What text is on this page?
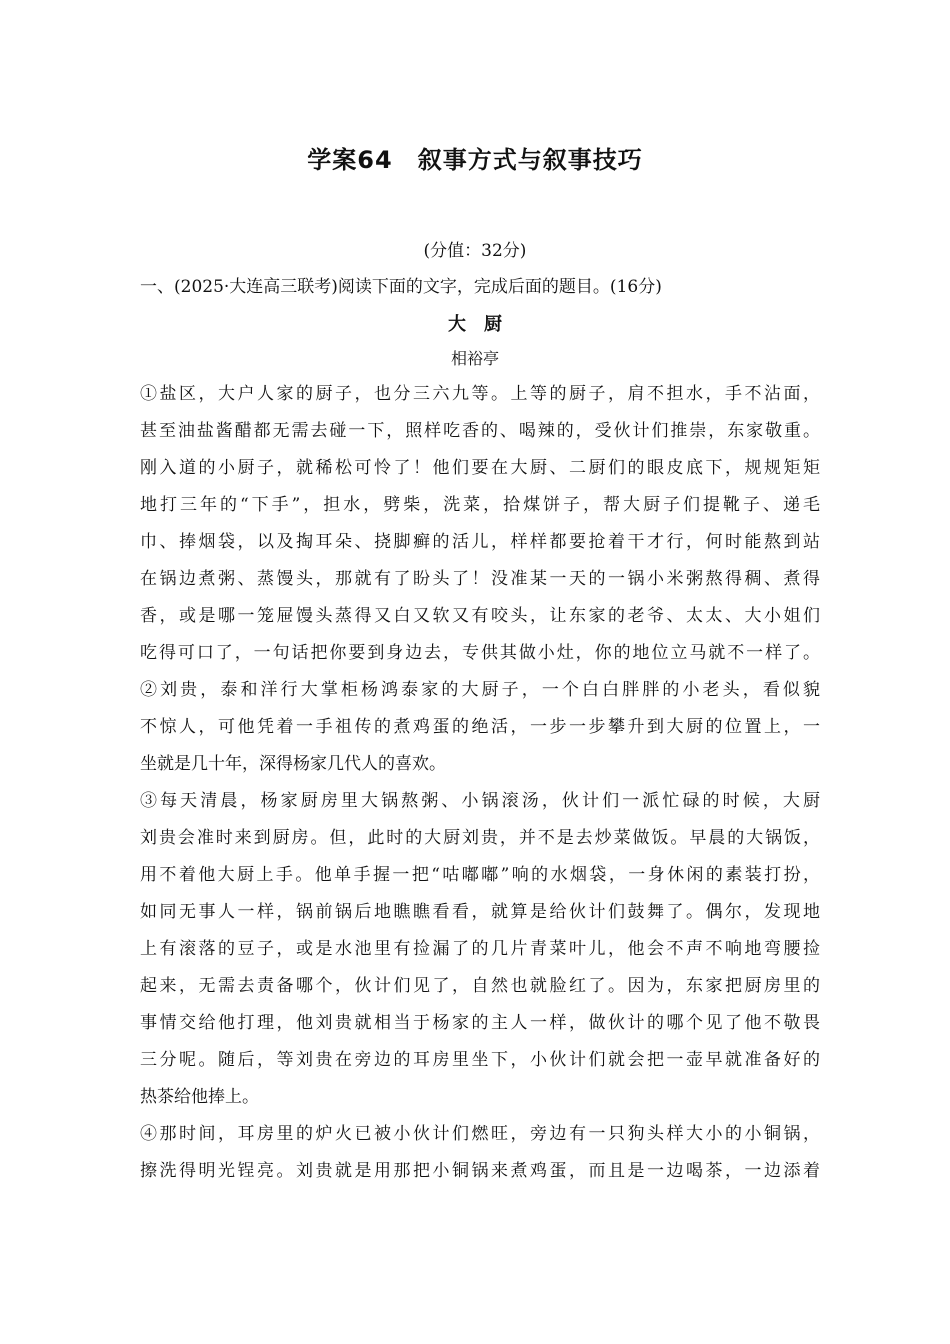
学案64　叙事方式与叙事技巧
(分值：32分)
一、(2025·大连高三联考)阅读下面的文字，完成后面的题目。(16分)
大　厨
相裕亭
①盐区，大户人家的厨子，也分三六九等。上等的厨子，肩不担水，手不沾面，
甚至油盐酱醋都无需去碰一下，照样吃香的、喝辣的，受伙计们推崇，东家敬重。
刚入道的小厨子，就稀松可怜了！他们要在大厨、二厨们的眼皮底下，规规矩矩
地打三年的“下手”，担水，劈柴，洗菜，拾煤饼子，帮大厨子们提靴子、递毛
巾、捧烟袋，以及掏耳朵、挠脚癣的活儿，样样都要抢着干才行，何时能熬到站
在锅边煮粥、蒸馒头，那就有了盼头了！没准某一天的一锅小米粥熬得稠、煮得
香，或是哪一笼屉馒头蒸得又白又软又有咬头，让东家的老爷、太太、大小姐们
吃得可口了，一句话把你要到身边去，专供其做小灶，你的地位立马就不一样了。
②刘贵，泰和洋行大掌柜杨鸿泰家的大厨子，一个白白胖胖的小老头，看似貌
不惊人，可他凭着一手祖传的煮鸡蛋的绝活，一步一步攀升到大厨的位置上，一
坐就是几十年，深得杨家几代人的喜欢。
③每天清晨，杨家厨房里大锅熬粥、小锅滚汤，伙计们一派忙碌的时候，大厨
刘贵会准时来到厨房。但，此时的大厨刘贵，并不是去炒菜做饭。早晨的大锅饭，
用不着他大厨上手。他单手握一把“咕嘟嘟”响的水烟袋，一身休闲的素装打扮，
如同无事人一样，锅前锅后地瞧瞧看看，就算是给伙计们鼓舞了。偶尔，发现地
上有滚落的豆子，或是水池里有捡漏了的几片青菜叶儿，他会不声不响地弯腰捡
起来，无需去责备哪个，伙计们见了，自然也就脸红了。因为，东家把厨房里的
事情交给他打理，他刘贵就相当于杨家的主人一样，做伙计的哪个见了他不敬畏
三分呢。随后，等刘贵在旁边的耳房里坐下，小伙计们就会把一壶早就准备好的
热茶给他捧上。
④那时间，耳房里的炉火已被小伙计们燃旺，旁边有一只狗头样大小的小铜锅，
擦洗得明光锃亮。刘贵就是用那把小铜锅来煮鸡蛋，而且是一边喝茶，一边添着
